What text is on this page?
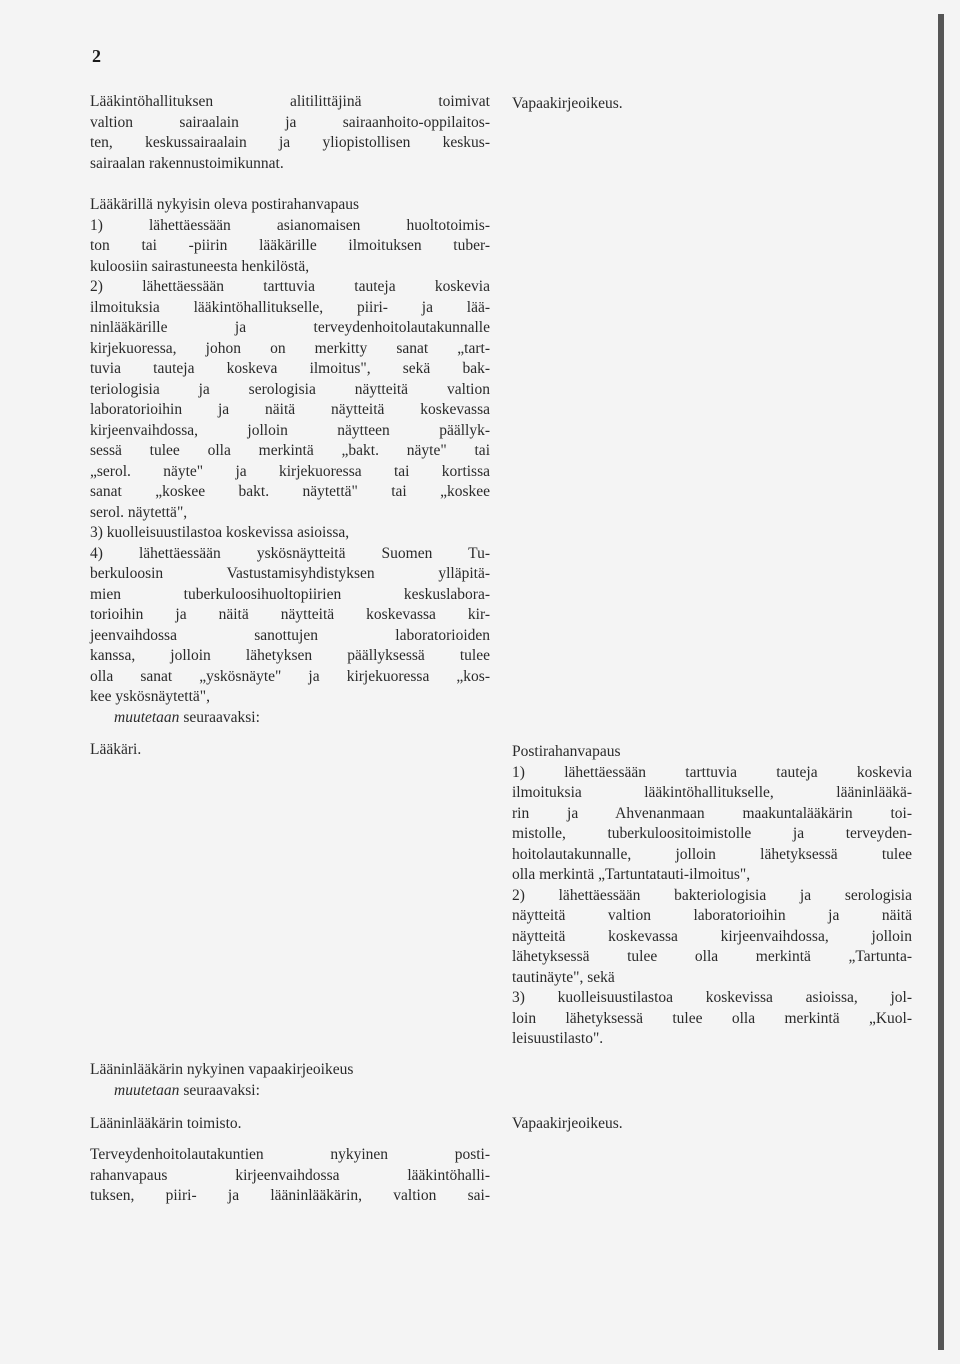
2

Lääkintöhallituksen alitilittäjinä toimivat
valtion sairaalain ja sairaanhoito-oppilaitos-
ten, keskussairaalain ja yliopistollisen keskus-
sairaalan rakennustoimikunnat.

Lääkärillä nykyisin oleva postirahanvapaus
1) lähettäessään asianomaisen huoltotoimis-
ton tai -piirin lääkärille ilmoituksen tuber-
kuloosiin sairastuneesta henkilöstä,
2) lähettäessään tarttuvia tauteja koskevia
ilmoituksia lääkintöhallitukselle, piiri- ja lää-
ninlääkärille ja terveydenhoitolautakunnalle
kirjekuoressa, johon on merkitty sanat „tart-
tuvia tauteja koskeva ilmoitus", sekä bak-
teriologisia ja serologisia näytteitä valtion
laboratorioihin ja näitä näytteitä koskevassa
kirjeenvaihdossa, jolloin näytteen päällyk-
sessä tulee olla merkintä „bakt. näyte" tai
„serol. näyte" ja kirjekuoressa tai kortissa
sanat „koskee bakt. näytettä" tai „koskee
serol. näytettä",
3) kuolleisuustilastoa koskevissa asioissa,
4) lähettäessään yskösnäytteitä Suomen Tu-
berkuloosin Vastustamisyhdistyksen ylläpitä-
mien tuberkuloosihuoltopiirien keskuslabora-
torioihin ja näitä näytteitä koskevassa kir-
jeenvaihdossa sanottujen laboratorioiden
kanssa, jolloin lähetyksen päällyksessä tulee
olla sanat „yskösnäyte" ja kirjekuoressa „kos-
kee yskösnäytettä",

muutetaan seuraavaksi:

Lääkäri.

Lääninlääkärin nykyinen vapaakirjeoikeus

muutetaan seuraavaksi:

Lääninlääkärin toimisto.

Terveydenhoitolautakuntien nykyinen posti-
rahanvapaus kirjeenvaihdossa lääkintöhalli-
tuksen, piiri- ja lääninlääkärin, valtion sai-

Vapaakirjeoikeus.

Postirahanvapaus

1) lähettäessään tarttuvia tauteja koskevia
ilmoituksia lääkintöhallitukselle, lääninlääkä-
rin ja Ahvenanmaan maakuntalääkärin toi-
mistolle, tuberkuloositoimistolle ja terveyden-
hoitolautakunnalle, jolloin lähetyksessä tulee
olla merkintä „Tartuntatauti-ilmoitus",
2) lähettäessään bakteriologisia ja serologisia
näytteitä valtion laboratorioihin ja näitä
näytteitä koskevassa kirjeenvaihdossa, jolloin
lähetyksessä tulee olla merkintä „Tartunta-
tautinäyte", sekä
3) kuolleisuustilastoa koskevissa asioissa, jol-
loin lähetyksessä tulee olla merkintä „Kuol-
leisuustilasto".

Vapaakirjeoikeus.
